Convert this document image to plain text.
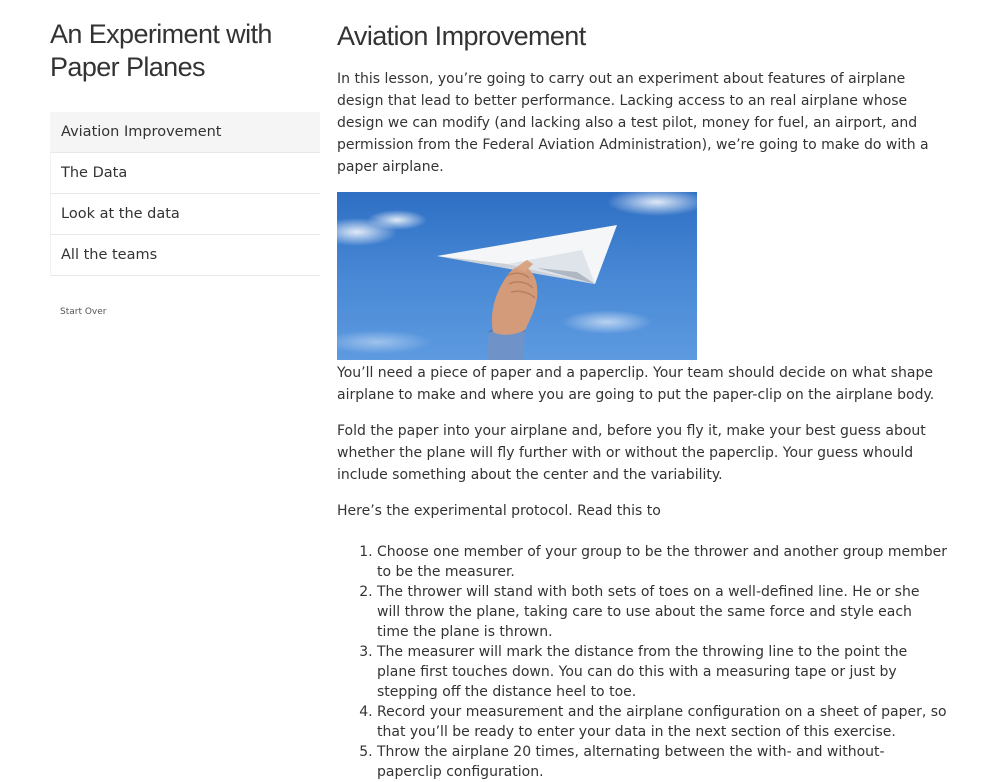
An Experiment with
Paper Planes
Aviation Improvement
The Data
Look at the data
All the teams
Start Over
Aviation Improvement

In this lesson, you’re going to carry out an experiment about features of airplane design that lead to better performance. Lacking access to an real airplane whose design we can modify (and lacking also a test pilot, money for fuel, an airport, and permission from the Federal Aviation Administration), we’re going to make do with a paper airplane.

You’ll need a piece of paper and a paperclip. Your team should decide on what shape airplane to make and where you are going to put the paper-clip on the airplane body.

Fold the paper into your airplane and, before you fly it, make your best guess about whether the plane will fly further with or without the paperclip. Your guess whould include something about the center and the variability.

Here’s the experimental protocol. Read this to

1. Choose one member of your group to be the thrower and another group member to be the measurer.
2. The thrower will stand with both sets of toes on a well-defined line. He or she will throw the plane, taking care to use about the same force and style each time the plane is thrown.
3. The measurer will mark the distance from the throwing line to the point the plane first touches down. You can do this with a measuring tape or just by stepping off the distance heel to toe.
4. Record your measurement and the airplane configuration on a sheet of paper, so that you’ll be ready to enter your data in the next section of this exercise.
5. Throw the airplane 20 times, alternating between the with- and without-paperclip configuration.
